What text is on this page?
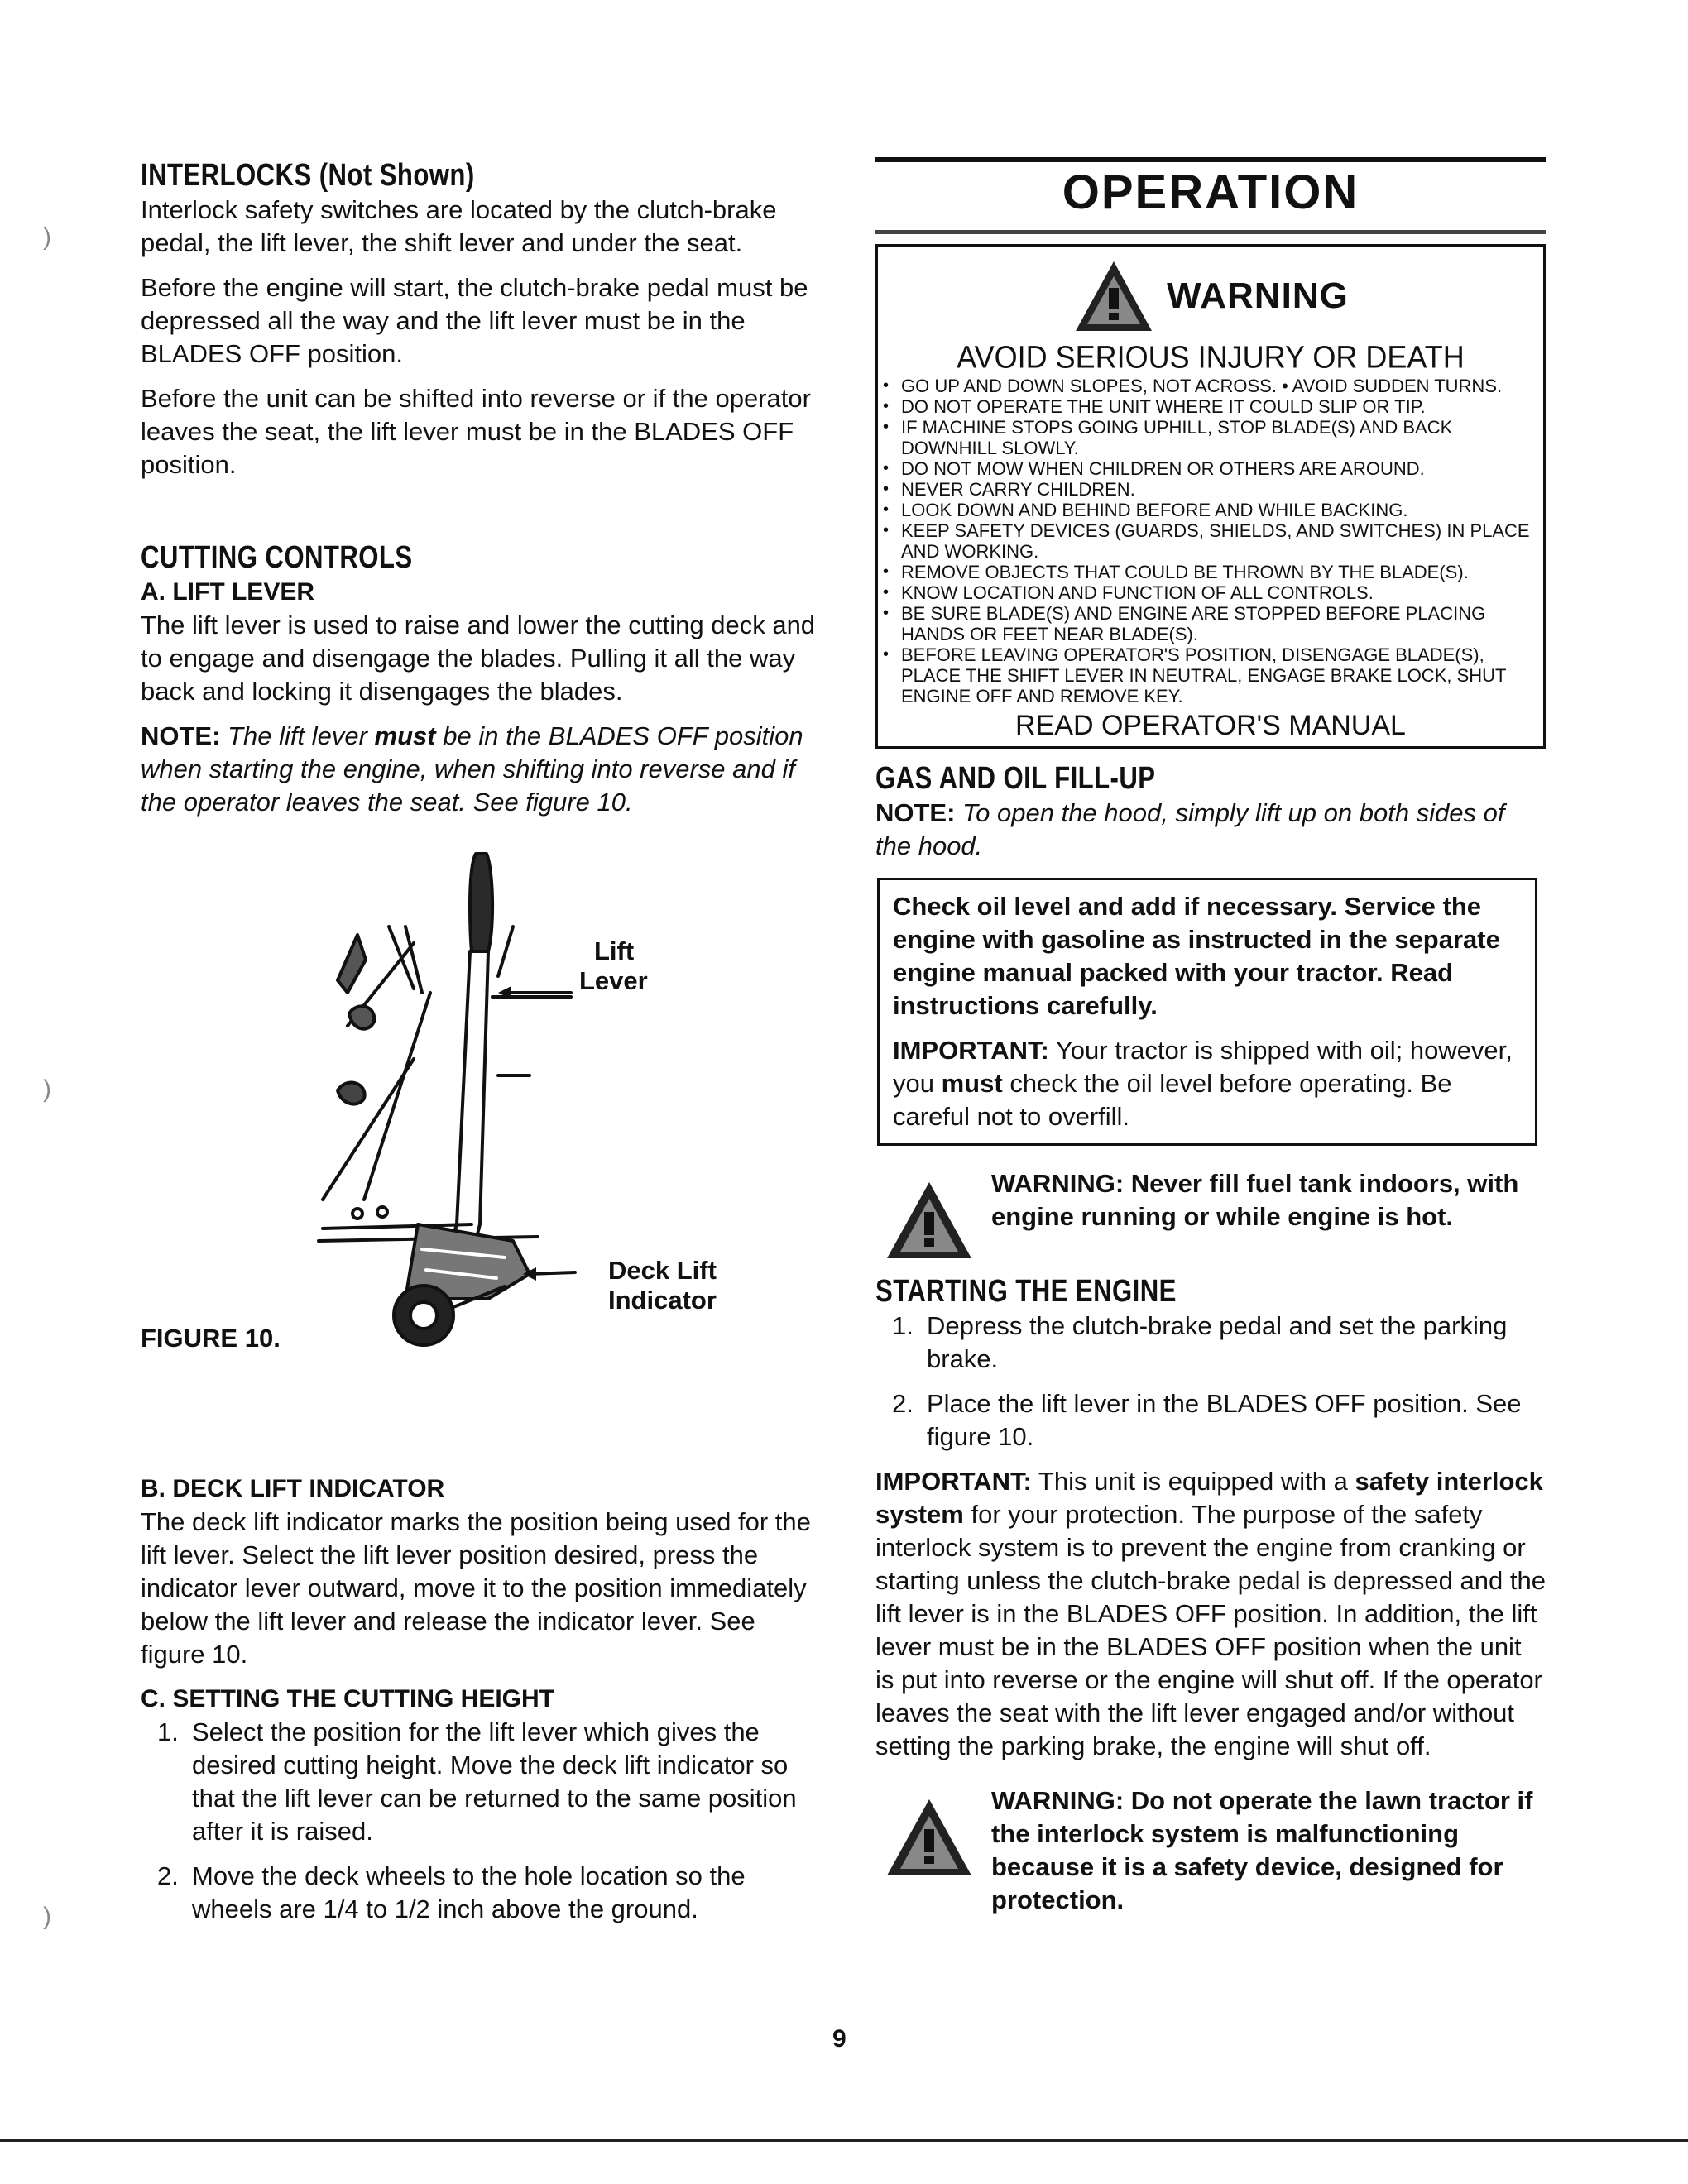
)
)
)
INTERLOCKS (Not Shown)

Interlock safety switches are located by the clutch-brake pedal, the lift lever, the shift lever and under the seat.

Before the engine will start, the clutch-brake pedal must be depressed all the way and the lift lever must be in the BLADES OFF position.

Before the unit can be shifted into reverse or if the operator leaves the seat, the lift lever must be in the BLADES OFF position.

CUTTING CONTROLS
A. LIFT LEVER

The lift lever is used to raise and lower the cutting deck and to engage and disengage the blades. Pulling it all the way back and locking it disengages the blades.

NOTE: The lift lever must be in the BLADES OFF position when starting the engine, when shifting into reverse and if the operator leaves the seat. See figure 10.

Lift
Lever
Deck Lift
Indicator
FIGURE 10.
B. DECK LIFT INDICATOR

The deck lift indicator marks the position being used for the lift lever. Select the lift lever position desired, press the indicator lever outward, move it to the position immediately below the lift lever and release the indicator lever. See figure 10.

C. SETTING THE CUTTING HEIGHT
1. Select the position for the lift lever which gives the desired cutting height. Move the deck lift indicator so that the lift lever can be returned to the same position after it is raised.
2. Move the deck wheels to the hole location so the wheels are 1/4 to 1/2 inch above the ground.
OPERATION
WARNING
AVOID SERIOUS INJURY OR DEATH
• GO UP AND DOWN SLOPES, NOT ACROSS. • AVOID SUDDEN TURNS.
• DO NOT OPERATE THE UNIT WHERE IT COULD SLIP OR TIP.
• IF MACHINE STOPS GOING UPHILL, STOP BLADE(S) AND BACK DOWNHILL SLOWLY.
• DO NOT MOW WHEN CHILDREN OR OTHERS ARE AROUND.
• NEVER CARRY CHILDREN.
• LOOK DOWN AND BEHIND BEFORE AND WHILE BACKING.
• KEEP SAFETY DEVICES (GUARDS, SHIELDS, AND SWITCHES) IN PLACE AND WORKING.
• REMOVE OBJECTS THAT COULD BE THROWN BY THE BLADE(S).
• KNOW LOCATION AND FUNCTION OF ALL CONTROLS.
• BE SURE BLADE(S) AND ENGINE ARE STOPPED BEFORE PLACING HANDS OR FEET NEAR BLADE(S).
• BEFORE LEAVING OPERATOR'S POSITION, DISENGAGE BLADE(S), PLACE THE SHIFT LEVER IN NEUTRAL, ENGAGE BRAKE LOCK, SHUT ENGINE OFF AND REMOVE KEY.
READ OPERATOR'S MANUAL
GAS AND OIL FILL-UP

NOTE: To open the hood, simply lift up on both sides of the hood.

Check oil level and add if necessary. Service the engine with gasoline as instructed in the separate engine manual packed with your tractor. Read instructions carefully.

IMPORTANT: Your tractor is shipped with oil; however, you must check the oil level before operating. Be careful not to overfill.

WARNING: Never fill fuel tank indoors, with engine running or while engine is hot.

STARTING THE ENGINE
1. Depress the clutch-brake pedal and set the parking brake.
2. Place the lift lever in the BLADES OFF position. See figure 10.

IMPORTANT: This unit is equipped with a safety interlock system for your protection. The purpose of the safety interlock system is to prevent the engine from cranking or starting unless the clutch-brake pedal is depressed and the lift lever is in the BLADES OFF position. In addition, the lift lever must be in the BLADES OFF position when the unit is put into reverse or the engine will shut off. If the operator leaves the seat with the lift lever engaged and/or without setting the parking brake, the engine will shut off.

WARNING: Do not operate the lawn tractor if the interlock system is malfunctioning because it is a safety device, designed for protection.

9
